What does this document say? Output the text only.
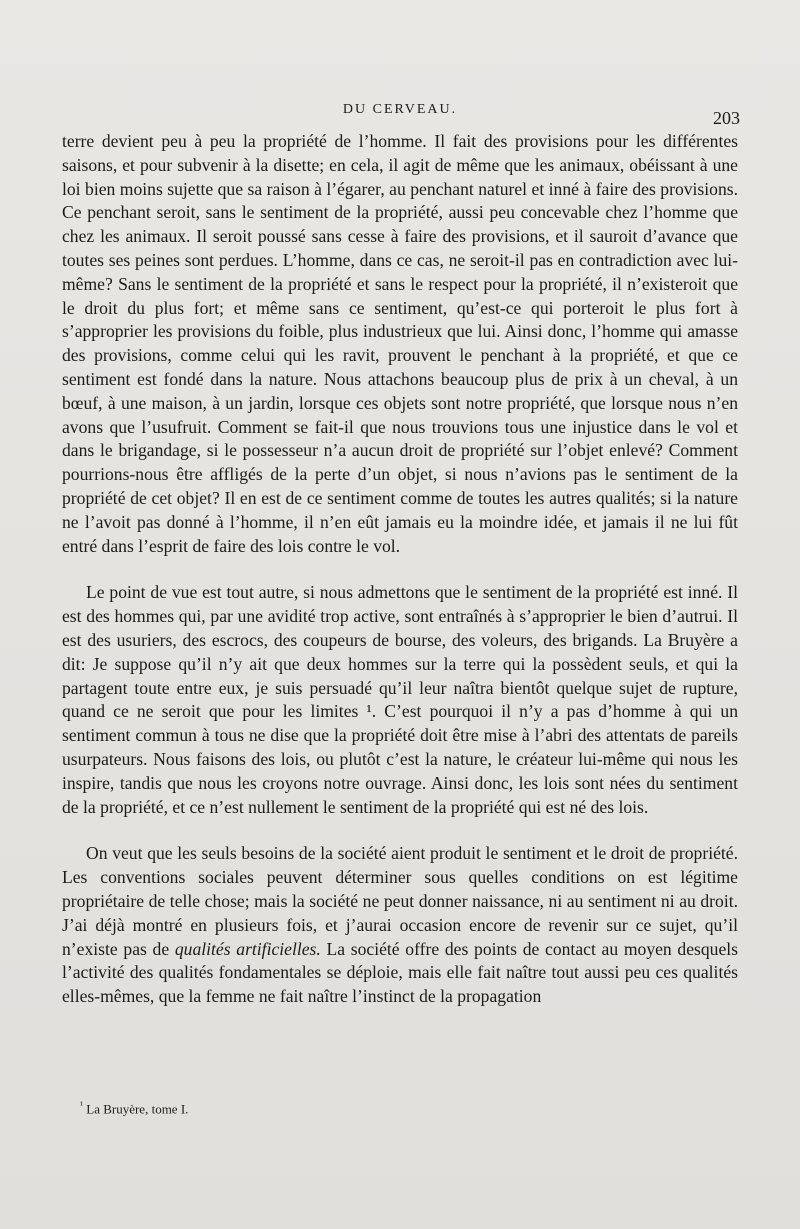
DU CERVEAU.	203

terre devient peu à peu la propriété de l’homme. Il fait des provisions pour les différentes saisons, et pour subvenir à la disette; en cela, il agit de même que les animaux, obéissant à une loi bien moins sujette que sa raison à l’égarer, au penchant naturel et inné à faire des provisions. Ce penchant seroit, sans le sentiment de la propriété, aussi peu concevable chez l’homme que chez les animaux. Il seroit poussé sans cesse à faire des provisions, et il sauroit d’avance que toutes ses peines sont perdues. L’homme, dans ce cas, ne seroit-il pas en contradiction avec lui-même? Sans le sentiment de la propriété et sans le respect pour la propriété, il n’existeroit que le droit du plus fort; et même sans ce sentiment, qu’est-ce qui porteroit le plus fort à s’approprier les provisions du foible, plus industrieux que lui. Ainsi donc, l’homme qui amasse des provisions, comme celui qui les ravit, prouvent le penchant à la propriété, et que ce sentiment est fondé dans la nature. Nous attachons beaucoup plus de prix à un cheval, à un bœuf, à une maison, à un jardin, lorsque ces objets sont notre propriété, que lorsque nous n’en avons que l’usufruit. Comment se fait-il que nous trouvions tous une injustice dans le vol et dans le brigandage, si le possesseur n’a aucun droit de propriété sur l’objet enlevé? Comment pourrions-nous être affligés de la perte d’un objet, si nous n’avions pas le sentiment de la propriété de cet objet? Il en est de ce sentiment comme de toutes les autres qualités; si la nature ne l’avoit pas donné à l’homme, il n’en eût jamais eu la moindre idée, et jamais il ne lui fût entré dans l’esprit de faire des lois contre le vol.

Le point de vue est tout autre, si nous admettons que le sentiment de la propriété est inné. Il est des hommes qui, par une avidité trop active, sont entraînés à s’approprier le bien d’autrui. Il est des usuriers, des escrocs, des coupeurs de bourse, des voleurs, des brigands. La Bruyère a dit: Je suppose qu’il n’y ait que deux hommes sur la terre qui la possèdent seuls, et qui la partagent toute entre eux, je suis persuadé qu’il leur naîtra bientôt quelque sujet de rupture, quand ce ne seroit que pour les limites ¹. C’est pourquoi il n’y a pas d’homme à qui un sentiment commun à tous ne dise que la propriété doit être mise à l’abri des attentats de pareils usurpateurs. Nous faisons des lois, ou plutôt c’est la nature, le créateur lui-même qui nous les inspire, tandis que nous les croyons notre ouvrage. Ainsi donc, les lois sont nées du sentiment de la propriété, et ce n’est nullement le sentiment de la propriété qui est né des lois.

On veut que les seuls besoins de la société aient produit le sentiment et le droit de propriété. Les conventions sociales peuvent déterminer sous quelles conditions on est légitime propriétaire de telle chose; mais la société ne peut donner naissance, ni au sentiment ni au droit. J’ai déjà montré en plusieurs fois, et j’aurai occasion encore de revenir sur ce sujet, qu’il n’existe pas de qualités artificielles. La société offre des points de contact au moyen desquels l’activité des qualités fondamentales se déploie, mais elle fait naître tout aussi peu ces qualités elles-mêmes, que la femme ne fait naître l’instinct de la propagation

$^{^1}$ La Bruyère, tome I.
